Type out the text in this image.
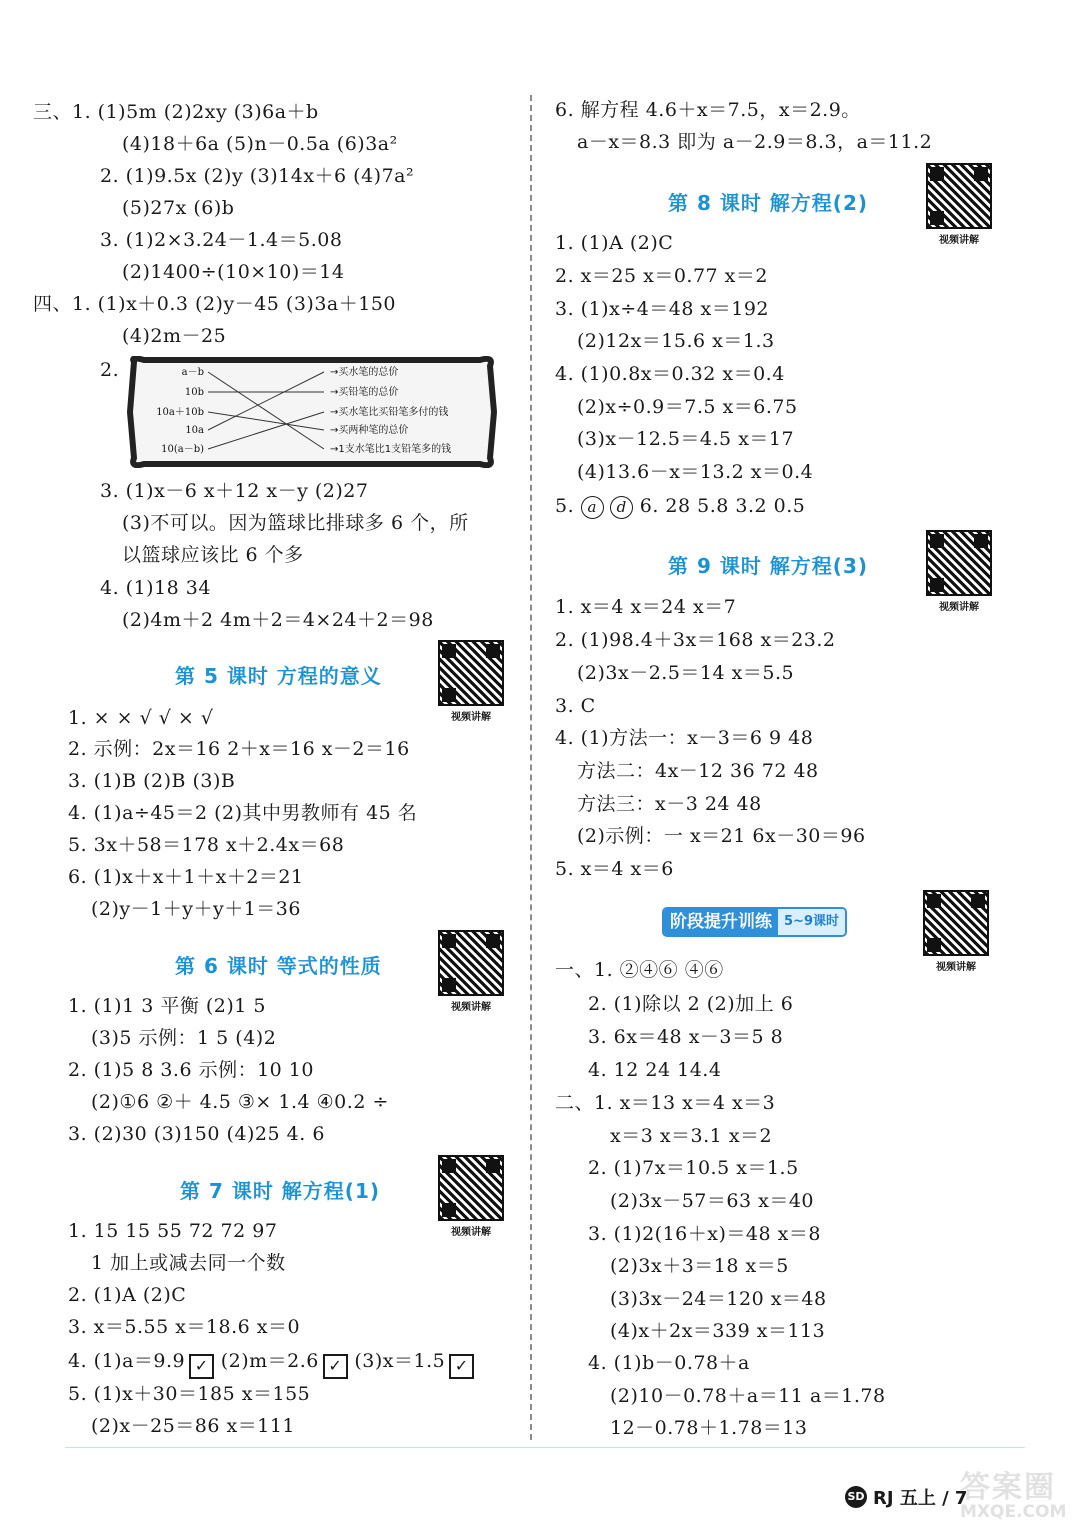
a－b
10b
10a＋10b
10a
10(a－b)
→买水笔的总价
→买铅笔的总价
→买水笔比买铅笔多付的钱
→买两种笔的总价
→1支水笔比1支铅笔多的钱
阶段提升训练 5~9课时
SD RJ 五上 / 7
答案圈
MXQE.COM
三、1. (1)5m (2)2xy (3)6a＋b
(4)18＋6a (5)n－0.5a (6)3a²
2. (1)9.5x (2)y (3)14x＋6 (4)7a²
(5)27x (6)b
3. (1)2×3.24－1.4＝5.08
(2)1400÷(10×10)＝14
四、1. (1)x＋0.3 (2)y－45 (3)3a＋150
(4)2m－25
2.
3. (1)x－6 x＋12 x－y (2)27
(3)不可以。因为篮球比排球多 6 个，所
以篮球应该比 6 个多
4. (1)18 34
(2)4m＋2 4m＋2＝4×24＋2＝98
1. × × √ √ × √
2. 示例：2x＝16 2＋x＝16 x－2＝16
3. (1)B (2)B (3)B
4. (1)a÷45＝2 (2)其中男教师有 45 名
5. 3x＋58＝178 x＋2.4x＝68
6. (1)x＋x＋1＋x＋2＝21
(2)y－1＋y＋y＋1＝36
1. (1)1 3 平衡 (2)1 5
(3)5 示例：1 5 (4)2
2. (1)5 8 3.6 示例：10 10
(2)①6 ②＋ 4.5 ③× 1.4 ④0.2 ÷
3. (2)30 (3)150 (4)25 4. 6
1. 15 15 55 72 72 97
1 加上或减去同一个数
2. (1)A (2)C
3. x＝5.55 x＝18.6 x＝0
5. (1)x＋30＝185 x＝155
(2)x－25＝86 x＝111
6. 解方程 4.6＋x＝7.5，x＝2.9。
a－x＝8.3 即为 a－2.9＝8.3，a＝11.2
1. (1)A (2)C
2. x＝25 x＝0.77 x＝2
3. (1)x÷4＝48 x＝192
(2)12x＝15.6 x＝1.3
4. (1)0.8x＝0.32 x＝0.4
(2)x÷0.9＝7.5 x＝6.75
(3)x－12.5＝4.5 x＝17
(4)13.6－x＝13.2 x＝0.4
1. x＝4 x＝24 x＝7
2. (1)98.4＋3x＝168 x＝23.2
(2)3x－2.5＝14 x＝5.5
3. C
4. (1)方法一：x－3＝6 9 48
方法二：4x－12 36 72 48
方法三：x－3 24 48
(2)示例：一 x＝21 6x－30＝96
5. x＝4 x＝6
一、1. ②④⑥ ④⑥
2. (1)除以 2 (2)加上 6
3. 6x＝48 x－3＝5 8
4. 12 24 14.4
二、1. x＝13 x＝4 x＝3
x＝3 x＝3.1 x＝2
2. (1)7x＝10.5 x＝1.5
(2)3x－57＝63 x＝40
3. (1)2(16＋x)＝48 x＝8
(2)3x＋3＝18 x＝5
(3)3x－24＝120 x＝48
(4)x＋2x＝339 x＝113
4. (1)b－0.78＋a
(2)10－0.78＋a＝11 a＝1.78
12－0.78＋1.78＝13
4. (1)a＝9.9 ✓ (2)m＝2.6 ✓ (3)x＝1.5 ✓
5. a d 6. 28 5.8 3.2 0.5
第 5 课时 方程的意义
第 6 课时 等式的性质
第 7 课时 解方程(1)
第 8 课时 解方程(2)
第 9 课时 解方程(3)
视频讲解
视频讲解
视频讲解
视频讲解
视频讲解
视频讲解
